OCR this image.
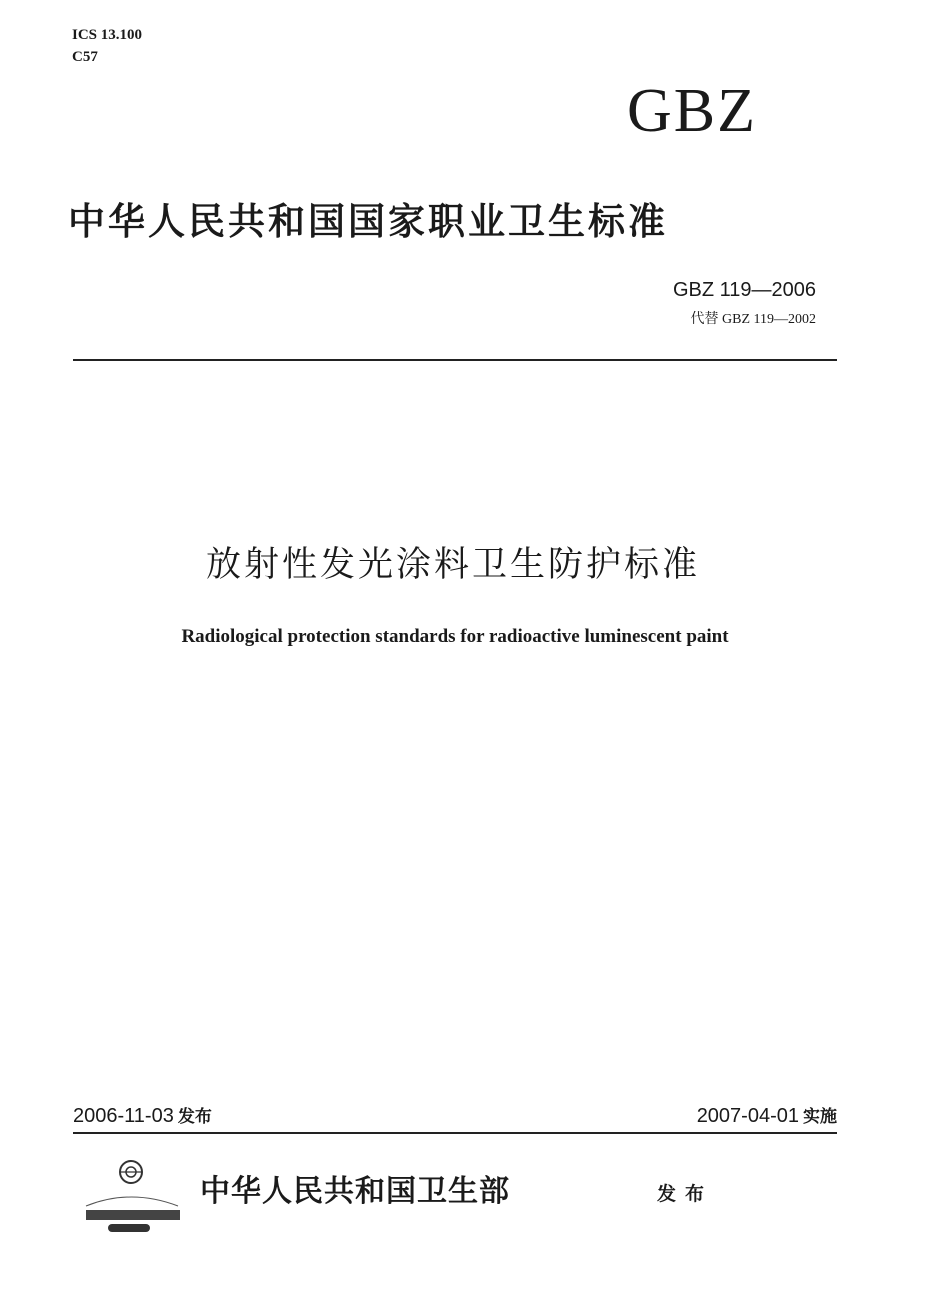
ICS 13.100
C57
GBZ
中华人民共和国国家职业卫生标准
GBZ 119—2006
代替 GBZ 119—2002
放射性发光涂料卫生防护标准
Radiological protection standards for radioactive luminescent paint
2006-11-03 发布	2007-04-01 实施
中华人民共和国卫生部	发布
